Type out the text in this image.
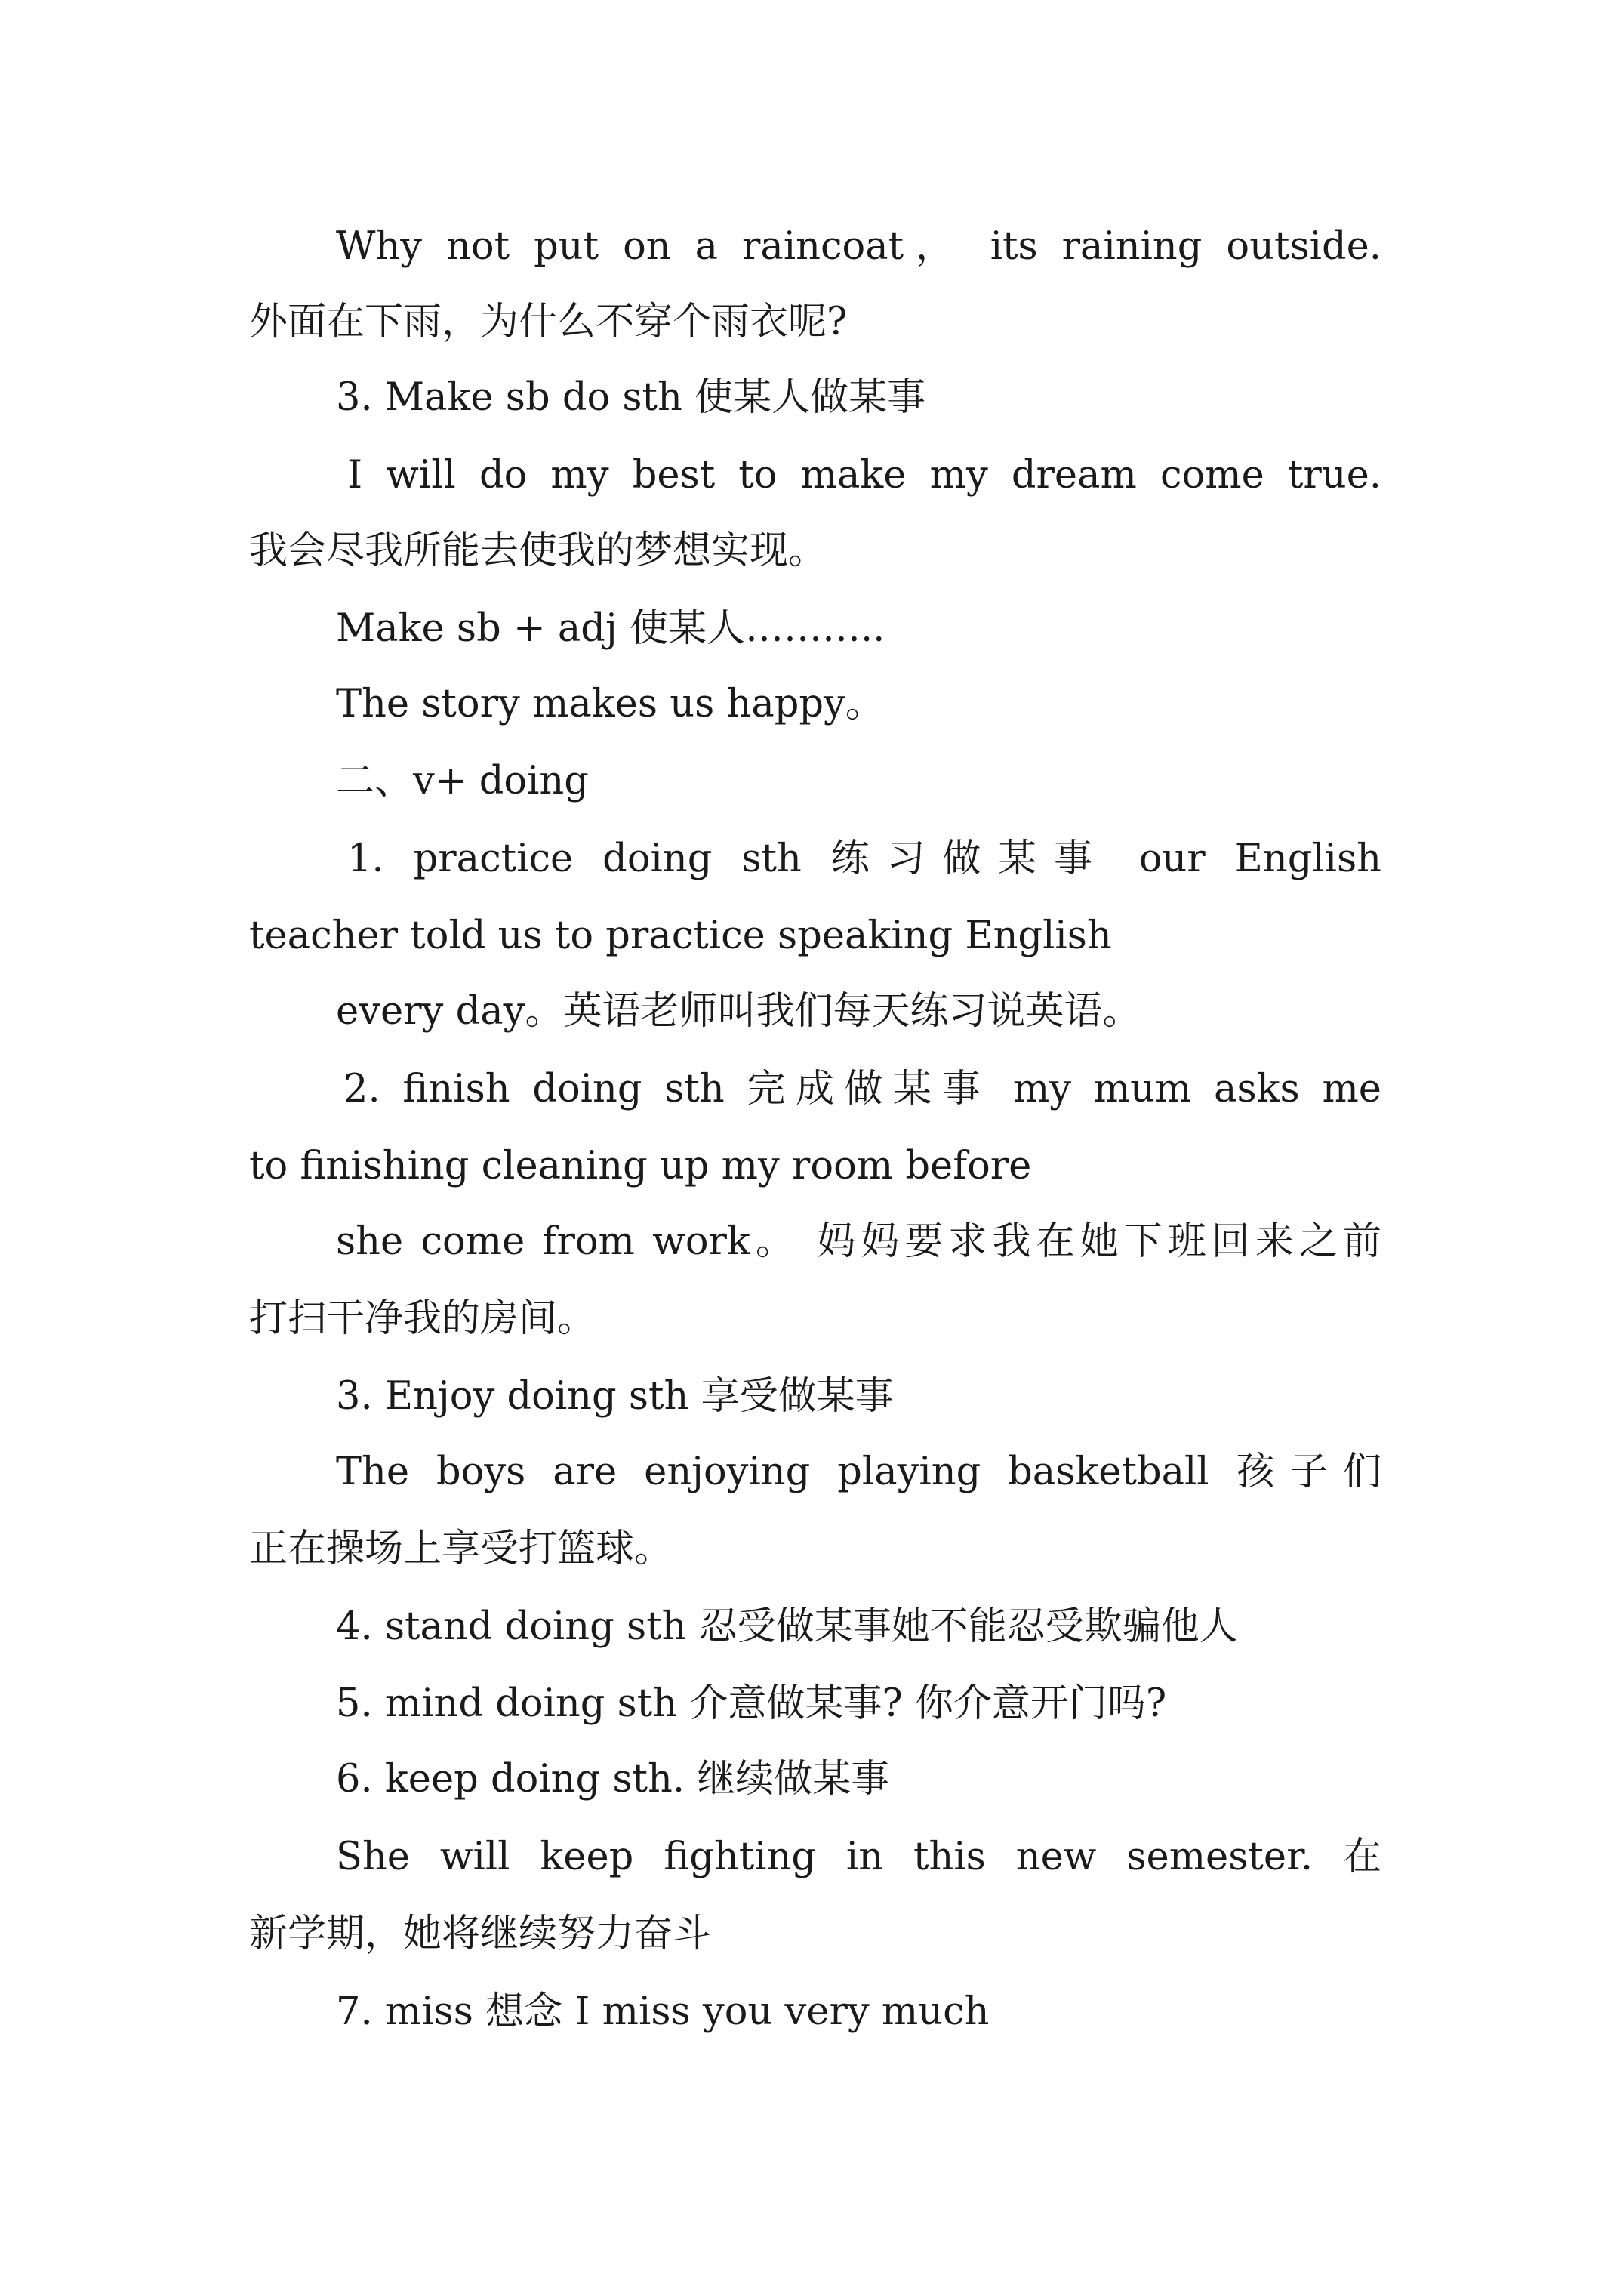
Why not put on a raincoat， its raining outside.
外面在下雨，为什么不穿个雨衣呢?
3. Make sb do sth 使某人做某事
I will do my best to make my dream come true.
我会尽我所能去使我的梦想实现。
Make sb + adj 使某人………..
The story makes us happy。
二、v+ doing
1. practice doing sth 练习做某事 our English
teacher told us to practice speaking English
every day。英语老师叫我们每天练习说英语。
2. finish doing sth 完成做某事 my mum asks me
to finishing cleaning up my room before
she come from work。 妈妈要求我在她下班回来之前
打扫干净我的房间。
3. Enjoy doing sth 享受做某事
The boys are enjoying playing basketball 孩子们
正在操场上享受打篮球。
4. stand doing sth 忍受做某事她不能忍受欺骗他人
5. mind doing sth 介意做某事? 你介意开门吗?
6. keep doing sth. 继续做某事
She will keep fighting in this new semester. 在
新学期，她将继续努力奋斗
7. miss 想念 I miss you very much
